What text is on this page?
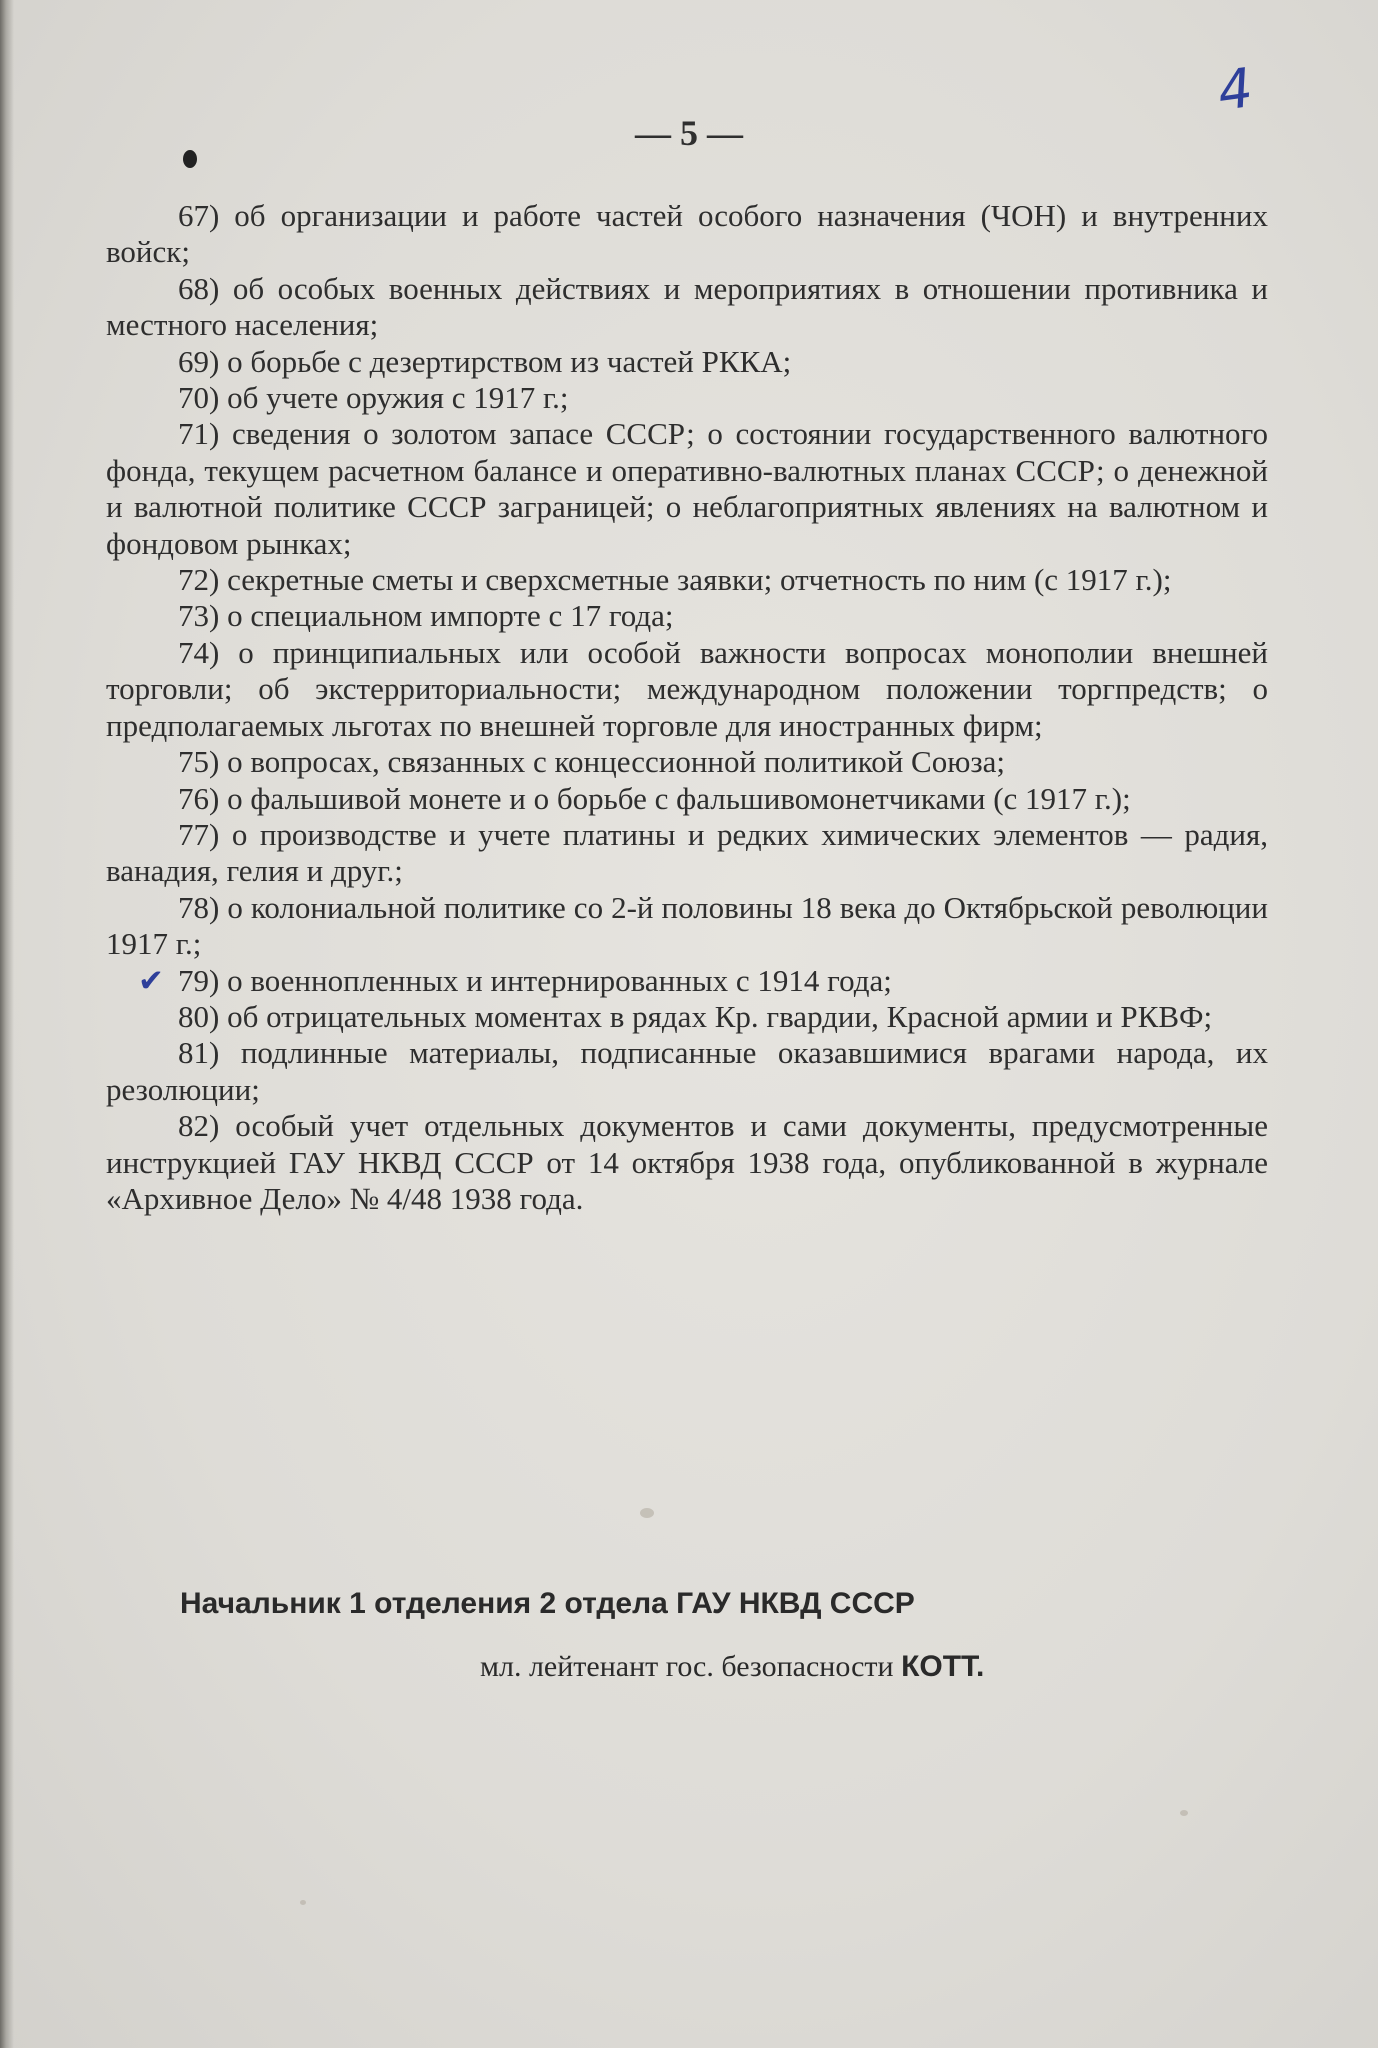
4
— 5 —

67) об организации и работе частей особого назначения (ЧОН) и внутренних войск;

68) об особых военных действиях и мероприятиях в отношении противника и местного населения;

69) о борьбе с дезертирством из частей РККА;

70) об учете оружия с 1917 г.;

71) сведения о золотом запасе СССР; о состоянии государственного валютного фонда, текущем расчетном балансе и оперативно-валютных планах СССР; о денежной и валютной политике СССР заграницей; о неблагоприятных явлениях на валютном и фондовом рынках;

72) секретные сметы и сверхсметные заявки; отчетность по ним (с 1917 г.);

73) о специальном импорте с 17 года;

74) о принципиальных или особой важности вопросах монополии внешней торговли; об экстерриториальности; международном положении торгпредств; о предполагаемых льготах по внешней торговле для иностранных фирм;

75) о вопросах, связанных с концессионной политикой Союза;

76) о фальшивой монете и о борьбе с фальшивомонетчиками (с 1917 г.);

77) о производстве и учете платины и редких химических элементов — радия, ванадия, гелия и друг.;

78) о колониальной политике со 2-й половины 18 века до Октябрьской революции 1917 г.;

✔ 79) о военнопленных и интернированных с 1914 года;

80) об отрицательных моментах в рядах Кр. гвардии, Красной армии и РКВФ;

81) подлинные материалы, подписанные оказавшимися врагами народа, их резолюции;

82) особый учет отдельных документов и сами документы, предусмотренные инструкцией ГАУ НКВД СССР от 14 октября 1938 года, опубликованной в журнале «Архивное Дело» № 4/48 1938 года.

Начальник 1 отделения 2 отдела ГАУ НКВД СССР
мл. лейтенант гос. безопасности КОТТ.
